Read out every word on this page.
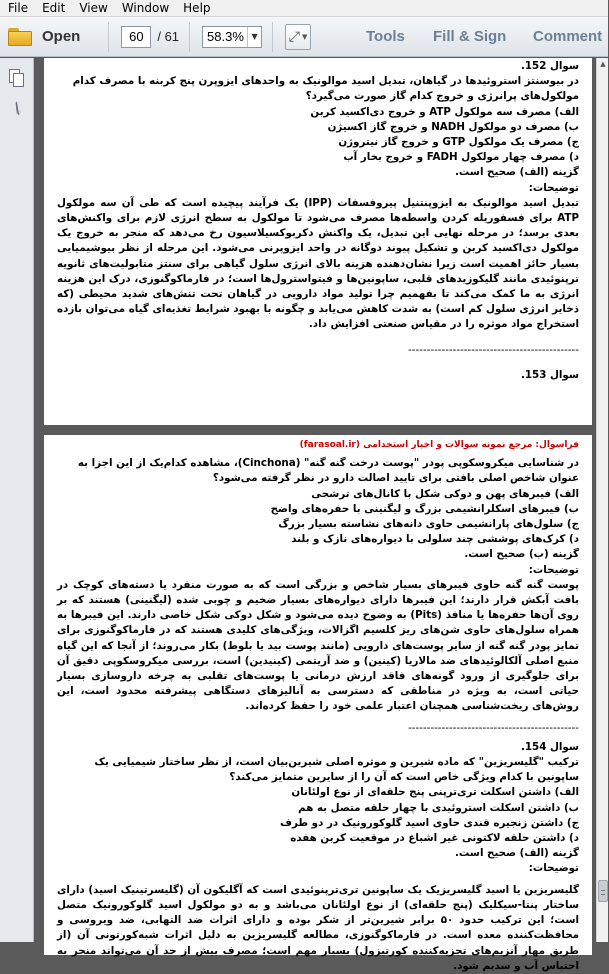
File	Edit	View	Window	Help
Open	60	/ 61	58.3% ▼ ⤢ ▼	Tools Fill & Sign Comment
𝓁
سوال 152.
در بیوسنتز استروئیدها در گیاهان، تبدیل اسید موالونیک به واحدهای ایزوپرن پنج کربنه با مصرف کدام مولکول‌های پرانرژی و خروج کدام گاز صورت می‌گیرد؟
الف) مصرف سه مولکول ATP و خروج دی‌اکسید کربن
ب) مصرف دو مولکول NADH و خروج گاز اکسیژن
ج) مصرف یک مولکول GTP و خروج گاز نیتروژن
د) مصرف چهار مولکول FADH و خروج بخار آب
گزینه (الف) صحیح است.
توضیحات:
تبدیل اسید موالونیک به ایزوپنتنیل پیروفسفات (IPP) یک فرآیند پیچیده است که طی آن سه مولکول ATP برای فسفوریله کردن واسطه‌ها مصرف می‌شود تا مولکول به سطح انرژی لازم برای واکنش‌های بعدی برسد؛ در مرحله نهایی این تبدیل، یک واکنش دکربوکسیلاسیون رخ می‌دهد که منجر به خروج یک مولکول دی‌اکسید کربن و تشکیل پیوند دوگانه در واحد ایزوپرنی می‌شود. این مرحله از نظر بیوشیمیایی بسیار حائز اهمیت است زیرا نشان‌دهنده هزینه بالای انرژی سلول گیاهی برای سنتز متابولیت‌های ثانویه ترپنوئیدی مانند گلیکوزیدهای قلبی، ساپونین‌ها و فیتواسترول‌ها است؛ در فارماکوگنوزی، درک این هزینه انرژی به ما کمک می‌کند تا بفهمیم چرا تولید مواد دارویی در گیاهان تحت تنش‌های شدید محیطی (که ذخایر انرژی سلول کم است) به شدت کاهش می‌یابد و چگونه با بهبود شرایط تغذیه‌ای گیاه می‌توان بازده استخراج مواد موثره را در مقیاس صنعتی افزایش داد.
----------------------------------------------
سوال 153.
فراسوال: مرجع نمونه سوالات و اخبار استخدامی (farasoal.ir)
در شناسایی میکروسکوپی پودر "پوست درخت گنه گنه" (Cinchona)، مشاهده کدام‌یک از این اجزا به عنوان شاخص اصلی بافتی برای تایید اصالت دارو در نظر گرفته می‌شود؟
الف) فیبرهای پهن و دوکی شکل با کانال‌های ترشحی
ب) فیبرهای اسکلرانشیمی بزرگ و لیگنینی با حفره‌های واضح
ج) سلول‌های پارانشیمی حاوی دانه‌های نشاسته بسیار بزرگ
د) کرک‌های پوششی چند سلولی با دیواره‌های نازک و بلند
گزینه (ب) صحیح است.
توضیحات:
پوست گنه گنه حاوی فیبرهای بسیار شاخص و بزرگی است که به صورت منفرد یا دسته‌های کوچک در بافت آبکش قرار دارند؛ این فیبرها دارای دیواره‌های بسیار ضخیم و چوبی شده (لیگنینی) هستند که بر روی آن‌ها حفره‌ها یا منافذ (Pits) به وضوح دیده می‌شود و شکل دوکی شکل خاصی دارند. این فیبرها به همراه سلول‌های حاوی شن‌های ریز کلسیم اگزالات، ویژگی‌های کلیدی هستند که در فارماکوگنوزی برای تمایز پودر گنه گنه از سایر پوست‌های دارویی (مانند پوست بید یا بلوط) بکار می‌روند؛ از آنجا که این گیاه منبع اصلی آلکالوئیدهای ضد مالاریا (کینین) و ضد آریتمی (کینیدین) است، بررسی میکروسکوپی دقیق آن برای جلوگیری از ورود گونه‌های فاقد ارزش درمانی یا پوست‌های تقلبی به چرخه داروسازی بسیار حیاتی است، به ویژه در مناطقی که دسترسی به آنالیزهای دستگاهی پیشرفته محدود است، این روش‌های ریخت‌شناسی همچنان اعتبار علمی خود را حفظ کرده‌اند.
----------------------------------------------
سوال 154.
ترکیب "گلیسریزین" که ماده شیرین و موثره اصلی شیرین‌بیان است، از نظر ساختار شیمیایی یک ساپونین با کدام ویژگی خاص است که آن را از سایرین متمایز می‌کند؟
الف) داشتن اسکلت تری‌ترپنی پنج حلقه‌ای از نوع اولئانان
ب) داشتن اسکلت استروئیدی با چهار حلقه متصل به هم
ج) داشتن زنجیره قندی حاوی اسید گلوکورونیک در دو طرف
د) داشتن حلقه لاکتونی غیر اشباع در موقعیت کربن هفده
گزینه (الف) صحیح است.
توضیحات:
گلیسریزین یا اسید گلیسریزیک یک ساپونین تری‌ترپنوئیدی است که آگلیکون آن (گلیسرتینیک اسید) دارای ساختار پنتا-سیکلیک (پنج حلقه‌ای) از نوع اولئانان می‌باشد و به دو مولکول اسید گلوکورونیک متصل است؛ این ترکیب حدود ۵۰ برابر شیرین‌تر از شکر بوده و دارای اثرات ضد التهابی، ضد ویروسی و محافظت‌کننده معده است. در فارماکوگنوزی، مطالعه گلیسریزین به دلیل اثرات شبه‌کورتونی آن (از طریق مهار آنزیم‌های تجزیه‌کننده کورتیزول) بسیار مهم است؛ مصرف بیش از حد آن می‌تواند منجر به احتباس آب و سدیم شود.
▲
